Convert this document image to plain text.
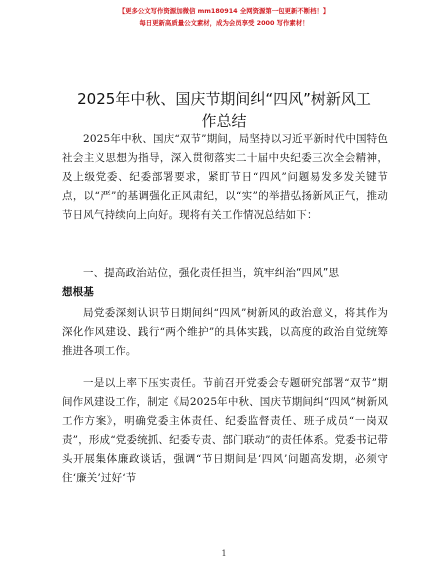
【更多公文写作资源加微信 mm180914 全网资源第一包更新不断档！】
每日更新高质量公文素材，成为会员享受 2000 写作素材！
2025年中秋、国庆节期间纠“四风”树新风工
作总结

2025年中秋、国庆“双节”期间，局坚持以习近平新时代中国特色社会主义思想为指导，深入贯彻落实二十届中央纪委三次全会精神，及上级党委、纪委部署要求，紧盯节日“四风”问题易发多发关键节点，以“严”的基调强化正风肃纪，以“实”的举措弘扬新风正气，推动节日风气持续向上向好。现将有关工作情况总结如下：

一、提高政治站位，强化责任担当，筑牢纠治“四风”思

想根基

局党委深刻认识节日期间纠“四风”树新风的政治意义，将其作为深化作风建设、践行“两个维护”的具体实践，以高度的政治自觉统筹推进各项工作。

一是以上率下压实责任。节前召开党委会专题研究部署“双节”期间作风建设工作，制定《局2025年中秋、国庆节期间纠“四风”树新风工作方案》，明确党委主体责任、纪委监督责任、班子成员“一岗双责”，形成“党委统抓、纪委专责、部门联动”的责任体系。党委书记带头开展集体廉政谈话，强调“节日期间是‘四风’问题高发期，必须守住‘廉关’过好‘节

1
